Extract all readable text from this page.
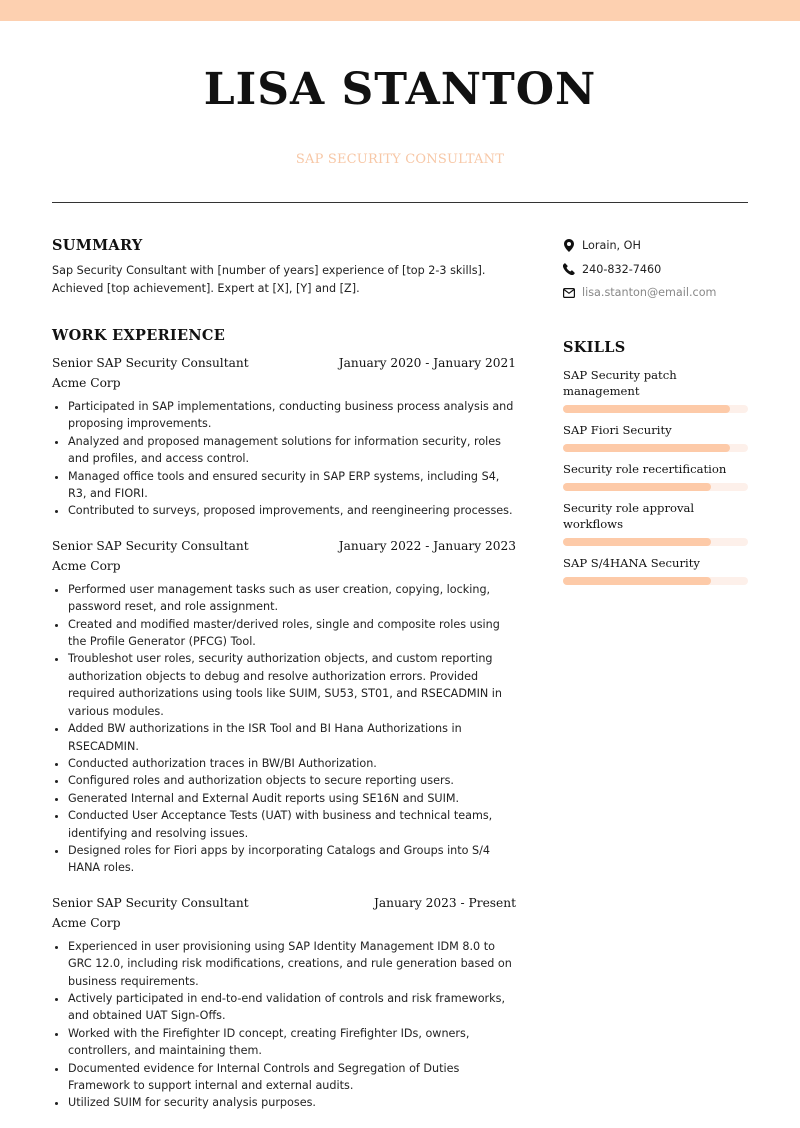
LISA STANTON
SAP SECURITY CONSULTANT
SUMMARY
Sap Security Consultant with [number of years] experience of [top 2-3 skills]. Achieved [top achievement]. Expert at [X], [Y] and [Z].
WORK EXPERIENCE
Senior SAP Security Consultant	January 2020 - January 2021
Acme Corp
• Participated in SAP implementations, conducting business process analysis and proposing improvements.
• Analyzed and proposed management solutions for information security, roles and profiles, and access control.
• Managed office tools and ensured security in SAP ERP systems, including S4, R3, and FIORI.
• Contributed to surveys, proposed improvements, and reengineering processes.
Senior SAP Security Consultant	January 2022 - January 2023
Acme Corp
• Performed user management tasks such as user creation, copying, locking, password reset, and role assignment.
• Created and modified master/derived roles, single and composite roles using the Profile Generator (PFCG) Tool.
• Troubleshot user roles, security authorization objects, and custom reporting authorization objects to debug and resolve authorization errors. Provided required authorizations using tools like SUIM, SU53, ST01, and RSECADMIN in various modules.
• Added BW authorizations in the ISR Tool and BI Hana Authorizations in RSECADMIN.
• Conducted authorization traces in BW/BI Authorization.
• Configured roles and authorization objects to secure reporting users.
• Generated Internal and External Audit reports using SE16N and SUIM.
• Conducted User Acceptance Tests (UAT) with business and technical teams, identifying and resolving issues.
• Designed roles for Fiori apps by incorporating Catalogs and Groups into S/4 HANA roles.
Senior SAP Security Consultant	January 2023 - Present
Acme Corp
• Experienced in user provisioning using SAP Identity Management IDM 8.0 to GRC 12.0, including risk modifications, creations, and rule generation based on business requirements.
• Actively participated in end-to-end validation of controls and risk frameworks, and obtained UAT Sign-Offs.
• Worked with the Firefighter ID concept, creating Firefighter IDs, owners, controllers, and maintaining them.
• Documented evidence for Internal Controls and Segregation of Duties Framework to support internal and external audits.
• Utilized SUIM for security analysis purposes.
Lorain, OH
240-832-7460
lisa.stanton@email.com
SKILLS
SAP Security patch management
SAP Fiori Security
Security role recertification
Security role approval workflows
SAP S/4HANA Security
